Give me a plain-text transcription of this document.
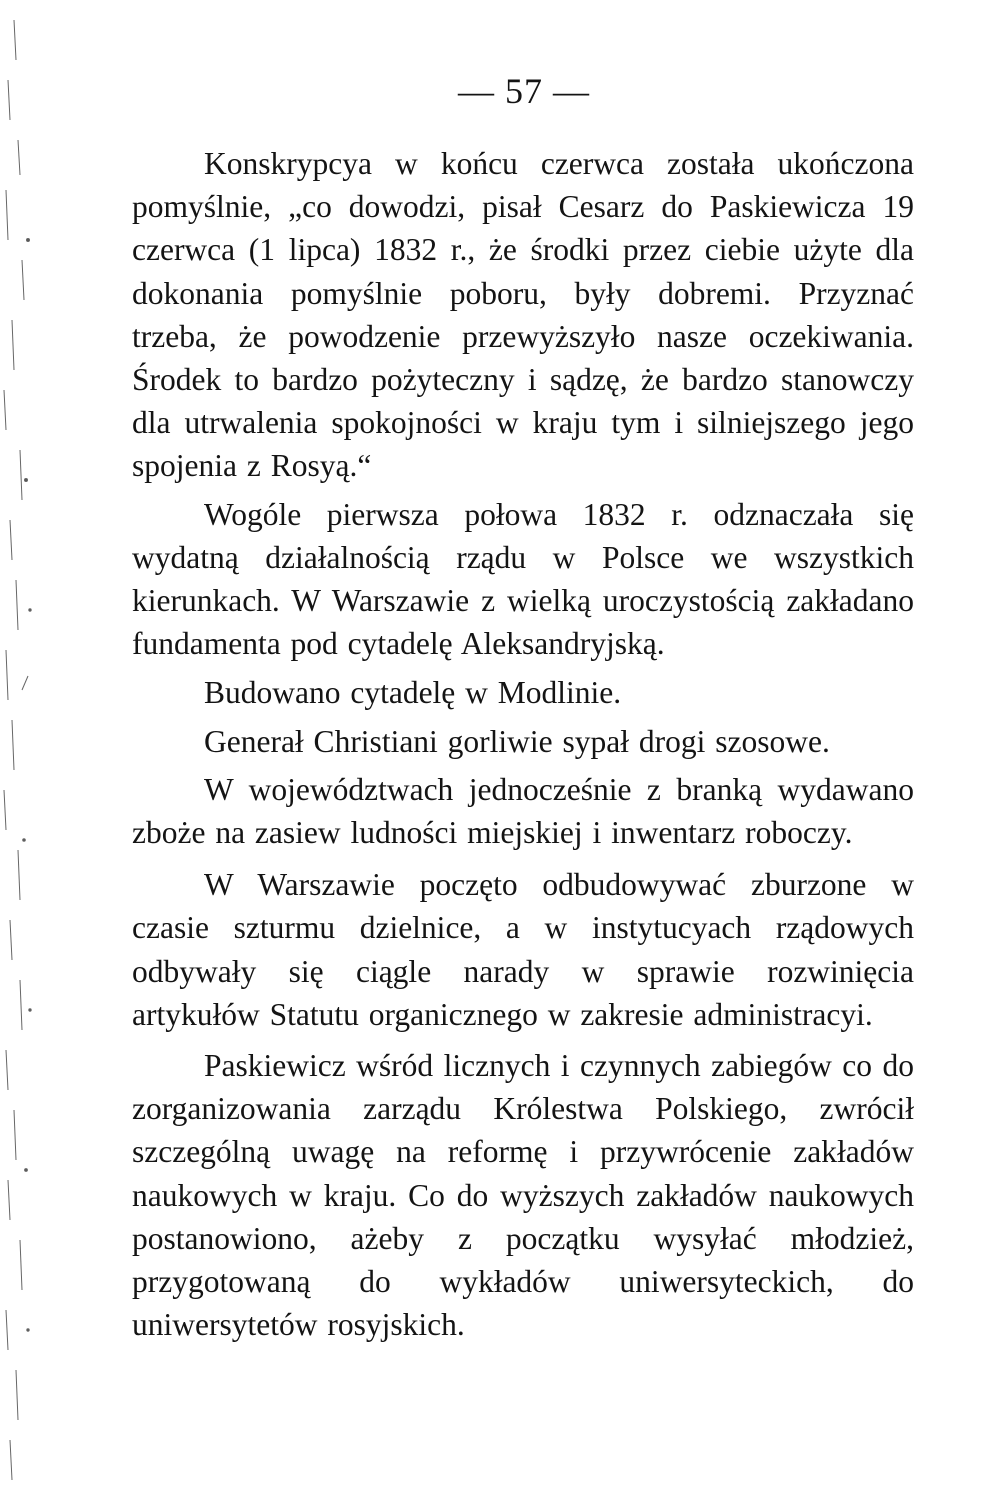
— 57 —

Konskrypcya w końcu czerwca została ukończona pomyślnie, „co dowodzi, pisał Cesarz do Paskiewicza 19 czerwca (1 lipca) 1832 r., że środki przez ciebie użyte dla dokonania pomyślnie poboru, były dobremi. Przyznać trzeba, że powodzenie przewyższyło nasze oczekiwania. Środek to bardzo pożyteczny i sądzę, że bardzo stanowczy dla utrwalenia spokojności w kraju tym i silniejszego jego spojenia z Rosyą.“

Wogóle pierwsza połowa 1832 r. odznaczała się wydatną działalnością rządu w Polsce we wszystkich kierunkach. W Warszawie z wielką uroczystością zakładano fundamenta pod cytadelę Aleksandryjską.

Budowano cytadelę w Modlinie.

Generał Christiani gorliwie sypał drogi szosowe.

W województwach jednocześnie z branką wydawano zboże na zasiew ludności miejskiej i inwentarz roboczy.

W Warszawie poczęto odbudowywać zburzone w czasie szturmu dzielnice, a w instytucyach rządowych odbywały się ciągle narady w sprawie rozwinięcia artykułów Statutu organicznego w zakresie administracyi.

Paskiewicz wśród licznych i czynnych zabiegów co do zorganizowania zarządu Królestwa Polskiego, zwrócił szczególną uwagę na reformę i przywrócenie zakładów naukowych w kraju. Co do wyższych zakładów naukowych postanowiono, ażeby z początku wysyłać młodzież, przygotowaną do wykładów uniwersyteckich, do uniwersytetów rosyjskich.
